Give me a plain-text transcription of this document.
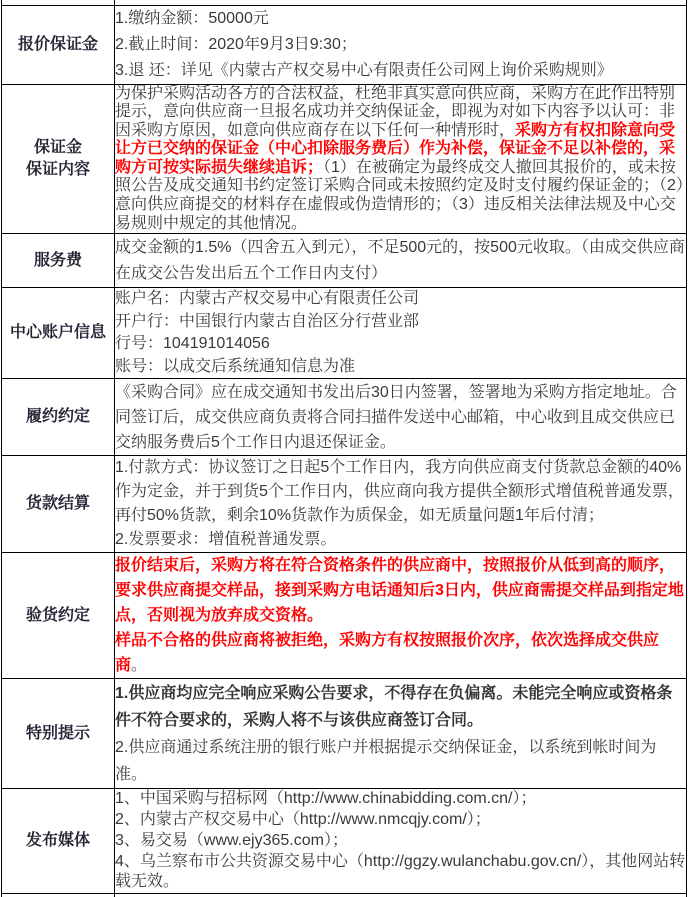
报价保证金	1.缴纳金额：50000元
2.截止时间：2020年9月3日9:30；
3.退 还：详见《内蒙古产权交易中心有限责任公司网上询价采购规则》

保证金
保证内容	为保护采购活动各方的合法权益，杜绝非真实意向供应商，采购方在此作出特别提示，意向供应商一旦报名成功并交纳保证金，即视为对如下内容予以认可：非因采购方原因，如意向供应商存在以下任何一种情形时，采购方有权扣除意向受让方已交纳的保证金（中心扣除服务费后）作为补偿，保证金不足以补偿的，采购方可按实际损失继续追诉；（1）在被确定为最终成交人撤回其报价的，或未按照公告及成交通知书约定签订采购合同或未按照约定及时支付履约保证金的；（2）意向供应商提交的材料存在虚假或伪造情形的；（3）违反相关法律法规及中心交易规则中规定的其他情况。

服务费	成交金额的1.5%（四舍五入到元），不足500元的，按500元收取。（由成交供应商在成交公告发出后五个工作日内支付）

中心账户信息	账户名：内蒙古产权交易中心有限责任公司
开户行：中国银行内蒙古自治区分行营业部
行号：104191014056
账号：以成交后系统通知信息为准

履约约定	《采购合同》应在成交通知书发出后30日内签署，签署地为采购方指定地址。合同签订后，成交供应商负责将合同扫描件发送中心邮箱，中心收到且成交供应已交纳服务费后5个工作日内退还保证金。

货款结算	1.付款方式：协议签订之日起5个工作日内，我方向供应商支付货款总金额的40%作为定金，并于到货5个工作日内，供应商向我方提供全额形式增值税普通发票，再付50%货款，剩余10%货款作为质保金，如无质量问题1年后付清；
2.发票要求：增值税普通发票。

验货约定	报价结束后，采购方将在符合资格条件的供应商中，按照报价从低到高的顺序，要求供应商提交样品，接到采购方电话通知后3日内，供应商需提交样品到指定地点，否则视为放弃成交资格。
样品不合格的供应商将被拒绝，采购方有权按照报价次序，依次选择成交供应商。

特别提示	1.供应商均应完全响应采购公告要求，不得存在负偏离。未能完全响应或资格条件不符合要求的，采购人将不与该供应商签订合同。
2.供应商通过系统注册的银行账户并根据提示交纳保证金，以系统到帐时间为准。

发布媒体	1、中国采购与招标网（http://www.chinabidding.com.cn/）；
2、内蒙古产权交易中心（http://www.nmcqjy.com/）；
3、易交易（www.ejy365.com）；
4、乌兰察布市公共资源交易中心（http://ggzy.wulanchabu.gov.cn/），其他网站转载无效。
